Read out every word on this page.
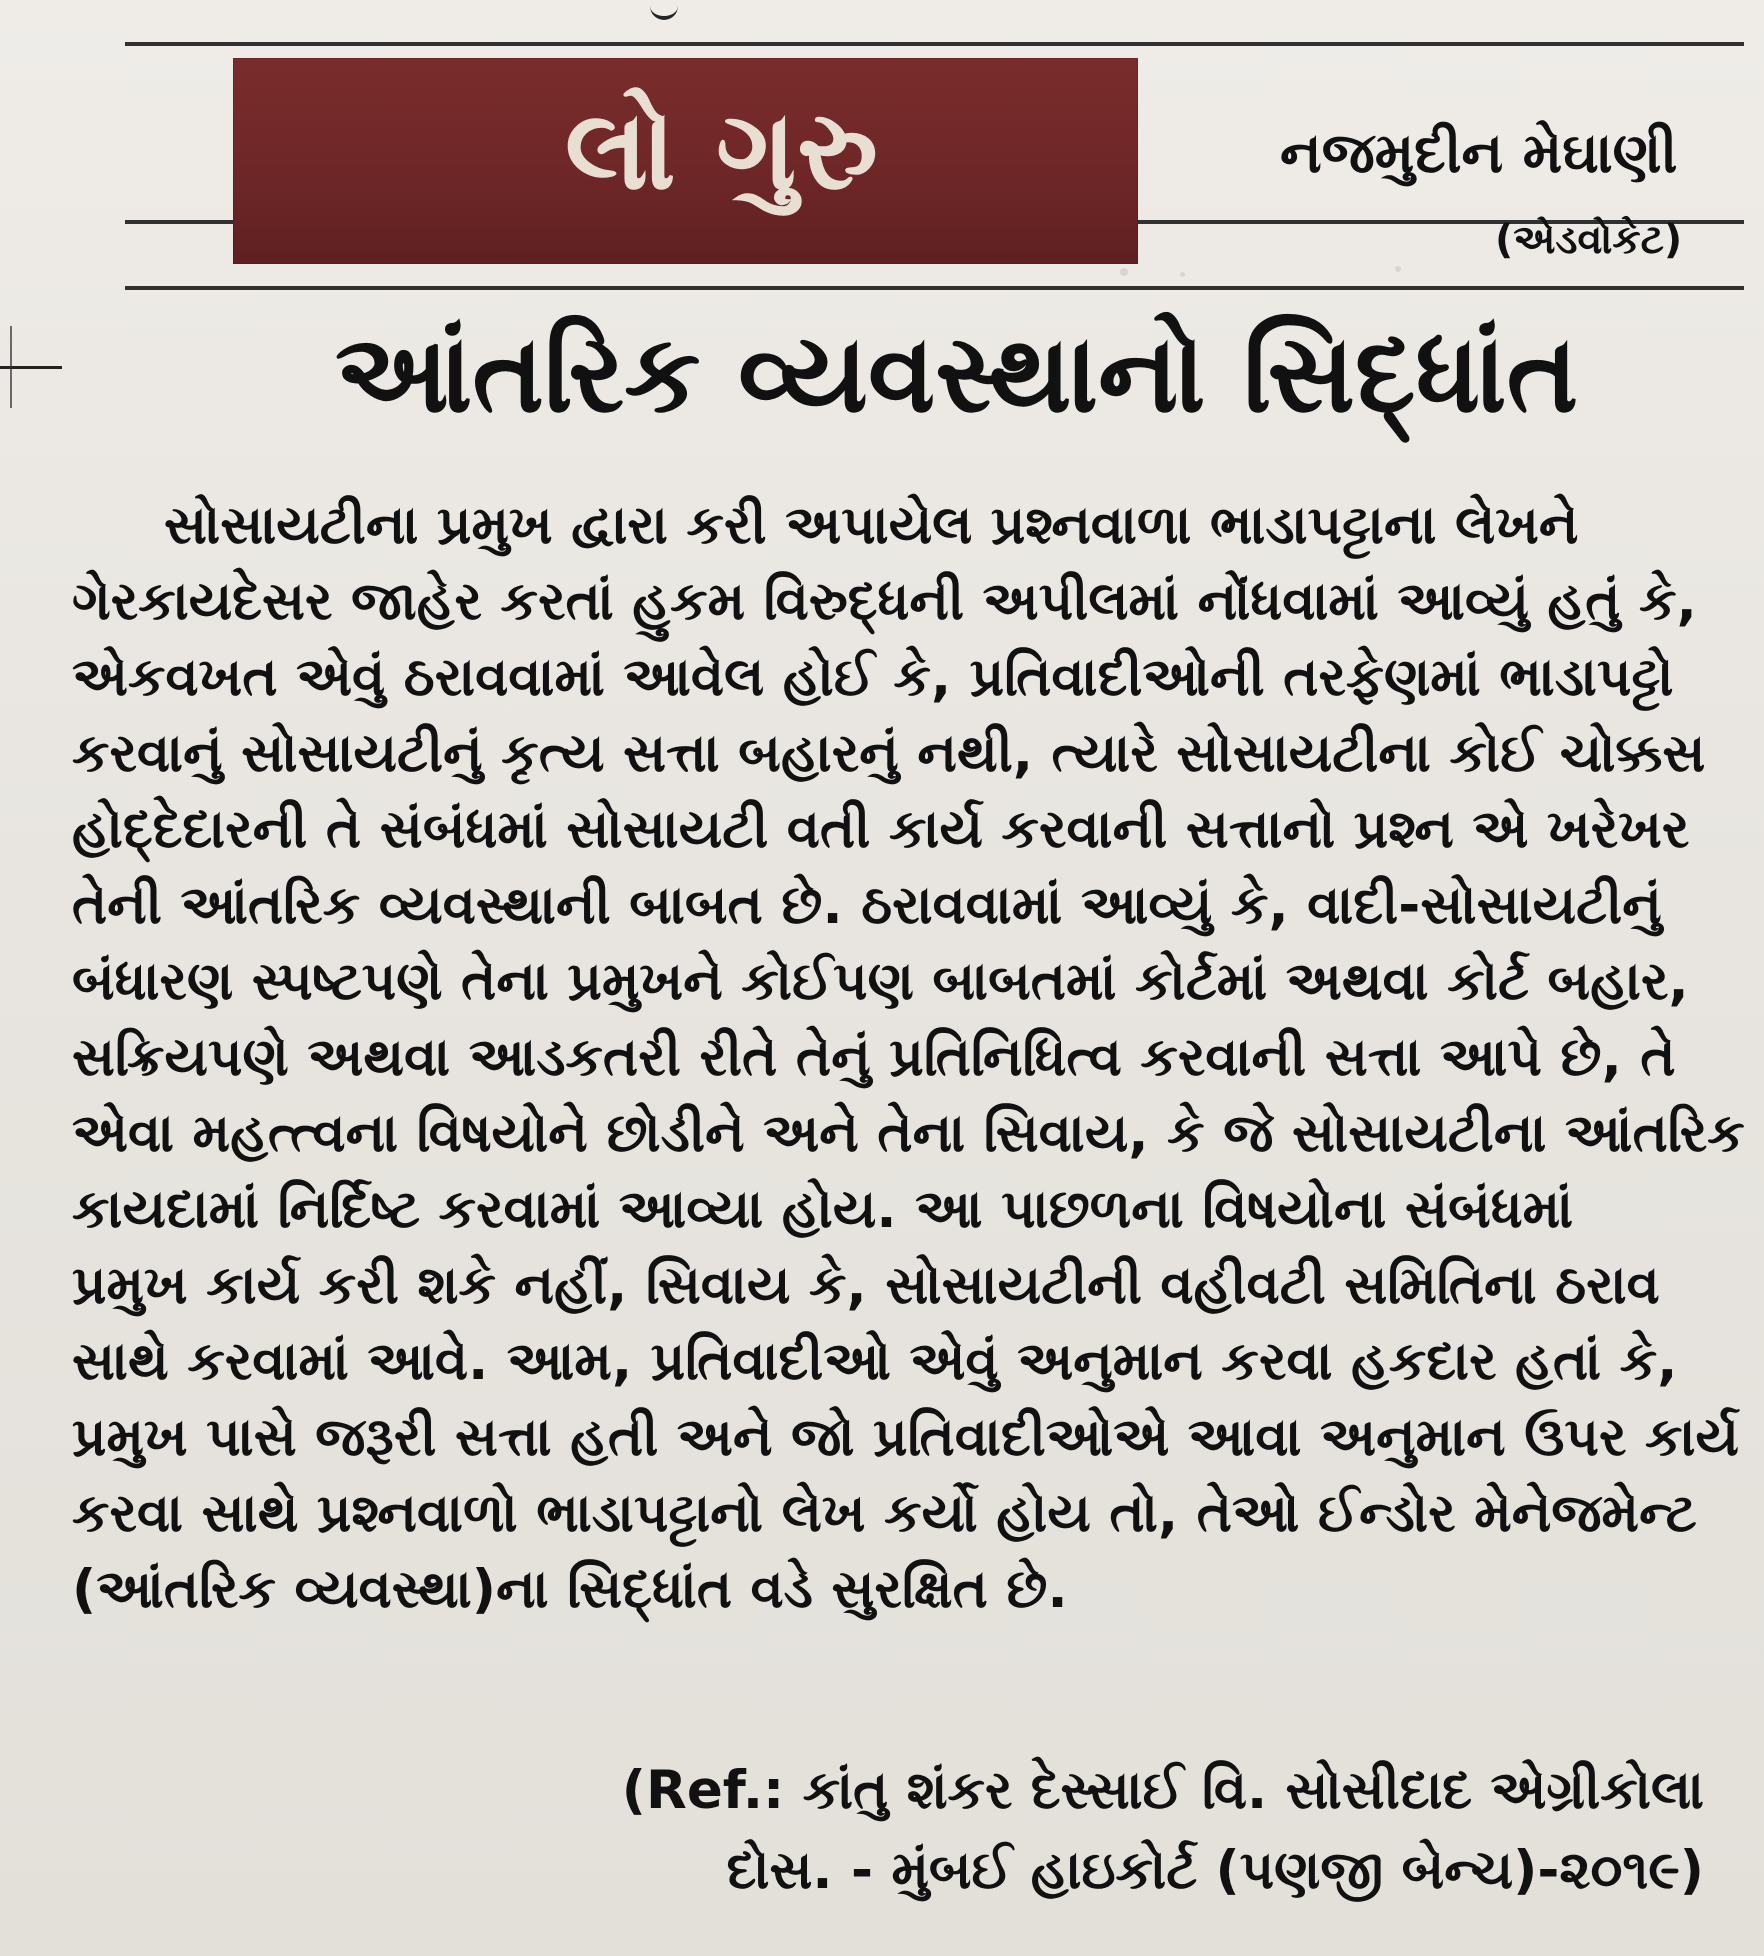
લો ગુરુ	નજમુદીન મેઘાણી
(એડવોકેટ)
આંતરિક વ્યવસ્થાનો સિદ્ધાંત
સોસાયટીના પ્રમુખ દ્વારા કરી અપાયેલ પ્રશ્નવાળા ભાડાપટ્ટાના લેખને
ગેરકાયદેસર જાહેર કરતાં હુકમ વિરુદ્ધની અપીલમાં નોંધવામાં આવ્યું હતું કે,
એકવખત એવું ઠરાવવામાં આવેલ હોઈ કે, પ્રતિવાદીઓની તરફેણમાં ભાડાપટ્ટો
કરવાનું સોસાયટીનું કૃત્ય સત્તા બહારનું નથી, ત્યારે સોસાયટીના કોઈ ચોક્કસ
હોદ્દેદારની તે સંબંધમાં સોસાયટી વતી કાર્ય કરવાની સત્તાનો પ્રશ્ન એ ખરેખર
તેની આંતરિક વ્યવસ્થાની બાબત છે. ઠરાવવામાં આવ્યું કે, વાદી-સોસાયટીનું
બંધારણ સ્પષ્ટપણે તેના પ્રમુખને કોઈપણ બાબતમાં કોર્ટમાં અથવા કોર્ટ બહાર,
સક્રિયપણે અથવા આડકતરી રીતે તેનું પ્રતિનિધિત્વ કરવાની સત્તા આપે છે, તે
એવા મહત્ત્વના વિષયોને છોડીને અને તેના સિવાય, કે જે સોસાયટીના આંતરિક
કાયદામાં નિર્દિષ્ટ કરવામાં આવ્યા હોય. આ પાછળના વિષયોના સંબંધમાં
પ્રમુખ કાર્ય કરી શકે નહીં, સિવાય કે, સોસાયટીની વહીવટી સમિતિના ઠરાવ
સાથે કરવામાં આવે. આમ, પ્રતિવાદીઓ એવું અનુમાન કરવા હકદાર હતાં કે,
પ્રમુખ પાસે જરૂરી સત્તા હતી અને જો પ્રતિવાદીઓએ આવા અનુમાન ઉપર કાર્ય
કરવા સાથે પ્રશ્નવાળો ભાડાપટ્ટાનો લેખ કર્યો હોય તો, તેઓ ઈન્ડોર મેનેજમેન્ટ
(આંતરિક વ્યવસ્થા)ના સિદ્ધાંત વડે સુરક્ષિત છે.
(Ref.: કાંતુ શંકર દેસ્સાઈ વિ. સોસીદાદ એગ્રીકોલા
દોસ. - મુંબઈ હાઇકોર્ટ (પણજી બેન્ચ)-૨૦૧૯)
